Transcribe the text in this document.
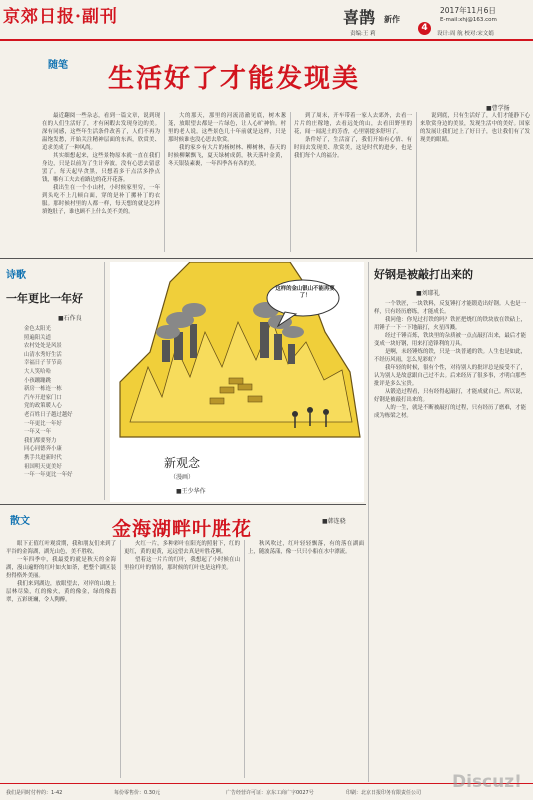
京郊日报·副刊	喜鹊 新作
2017年11月6日
E-mail:xhj@163.com
4
责编:王 莉	设计:周 航 校对:宋文娟
随笔 生活好了才能发现美
■曹学扬

最近翻阅一些杂志，看到一篇文章，说到现在的人们生活好了，才有闲暇去发现身边的美。深有同感，这些年生活条件改善了，人们不再为温饱发愁，开始关注精神层面的东西，欣赏美、追求美成了一种风尚。

其实细想起来，这些景物原本就一直在我们身边，只是以前为了生计奔波，没有心思去留意罢了。每天起早贪黑，只想着多干点活多挣点钱，哪有工夫去看路边的花开花落。

我出生在一个小山村，小时候家里穷，一年到头吃不上几顿白面，穿的是补丁摞补丁的衣服。那时候村里的人都一样，每天想的就是怎样填饱肚子，谁也顾不上什么美不美的。

大的那天，那里的河流清澈见底，树木葱茏，放眼望去都是一片绿色，让人心旷神怡。村里的老人说，这些景色几十年前就是这样，只是那时候谁也没心思去欣赏。

我的家乡有大片的杨树林、柳树林，春天的时候柳絮飘飞，夏天绿树成荫，秋天落叶金黄，冬天银装素裹，一年四季各有各的美。

到了周末，开车带着一家人去郊外，去看一片片的庄稼地，去看远处的山，去看田野里的花，闻一闻泥土的芳香，心里别提多舒坦了。

条件好了，生活富了，我们开始有心情、有时间去发现美、欣赏美，这是时代的进步，也是我们每个人的福分。

说到底，只有生活好了，人们才能静下心来欣赏身边的美景，发现生活中的美好。国家的发展让我们过上了好日子，也让我们有了发现美的眼睛。

诗歌
一年更比一年好
■石作良
金色太阳光
照遍阳关道
农村处处是风景
山清水秀好生活
幸福日子节节高
大人笑哈哈
小孩蹦蹦跳
新房一栋连一栋
汽车开进家门口
党的政策暖人心
老百姓日子越过越好
一年更比一年好
一年又一年
我们都要努力
同心同德奔小康
携手共进新时代
祖国明天更美好
一年一年更比一年好
这样的金山银山不能再要了！
新观念
（漫画）
■王少华作
好钢是被敲打出来的
■刘耶礼

一个铁匠，一块铁料，反复锤打才能锻造出好钢。人也是一样，只有经历磨练，才能成长。

我问他：你见过打铁的吗？铁匠把烧红的铁块放在铁砧上，用锤子一下一下地敲打，火星四溅。

经过千锤百炼，铁块里的杂质被一点点敲打出来，最后才能变成一块好钢，用来打造锋利的刀具。

是啊，未经锤炼的铁，只是一块普通的铁。人生也是如此，不经历风雨，怎么见彩虹？

我年轻的时候，很有个性，对待别人的批评总是接受不了，认为别人是故意跟自己过不去。后来经历了很多事，才明白那些批评是多么宝贵。

从锻造过程看，只有经得起敲打，才能成就自己。所以说，好钢是被敲打出来的。

人的一生，就是不断被敲打的过程，只有经历了磨难，才能成为栋梁之材。

散文	金海湖畔叶胜花	■韩连骁

眼下正值红叶观赏期，我和朋友们来到了平谷的金海湖，湖光山色，美不胜收。

一年四季中，我最爱的就是秋天的金海湖，漫山遍野的红叶如火如荼，把整个湖区装扮得格外美丽。

我们来到湖边，放眼望去，对岸的山坡上层林尽染，红的像火，黄的像金，绿的像翡翠，五彩斑斓，令人陶醉。

火红一片，多种彩叶在阳光的照射下，红的更红，黄的更黄，远远望去真是叶胜花啊。

望着这一片片的红叶，我想起了小时候在山里捡红叶的情景，那时候的红叶也是这样美。

秋风吹过，红叶轻轻飘落，有的落在湖面上，随波荡漾，像一只只小船在水中漂流。

我们是同时付梓的：1-42	每份零售价：0.30元	广告经营许可证：京东工商广字0027号	印刷：北京日报印务有限责任公司
Discuz!
